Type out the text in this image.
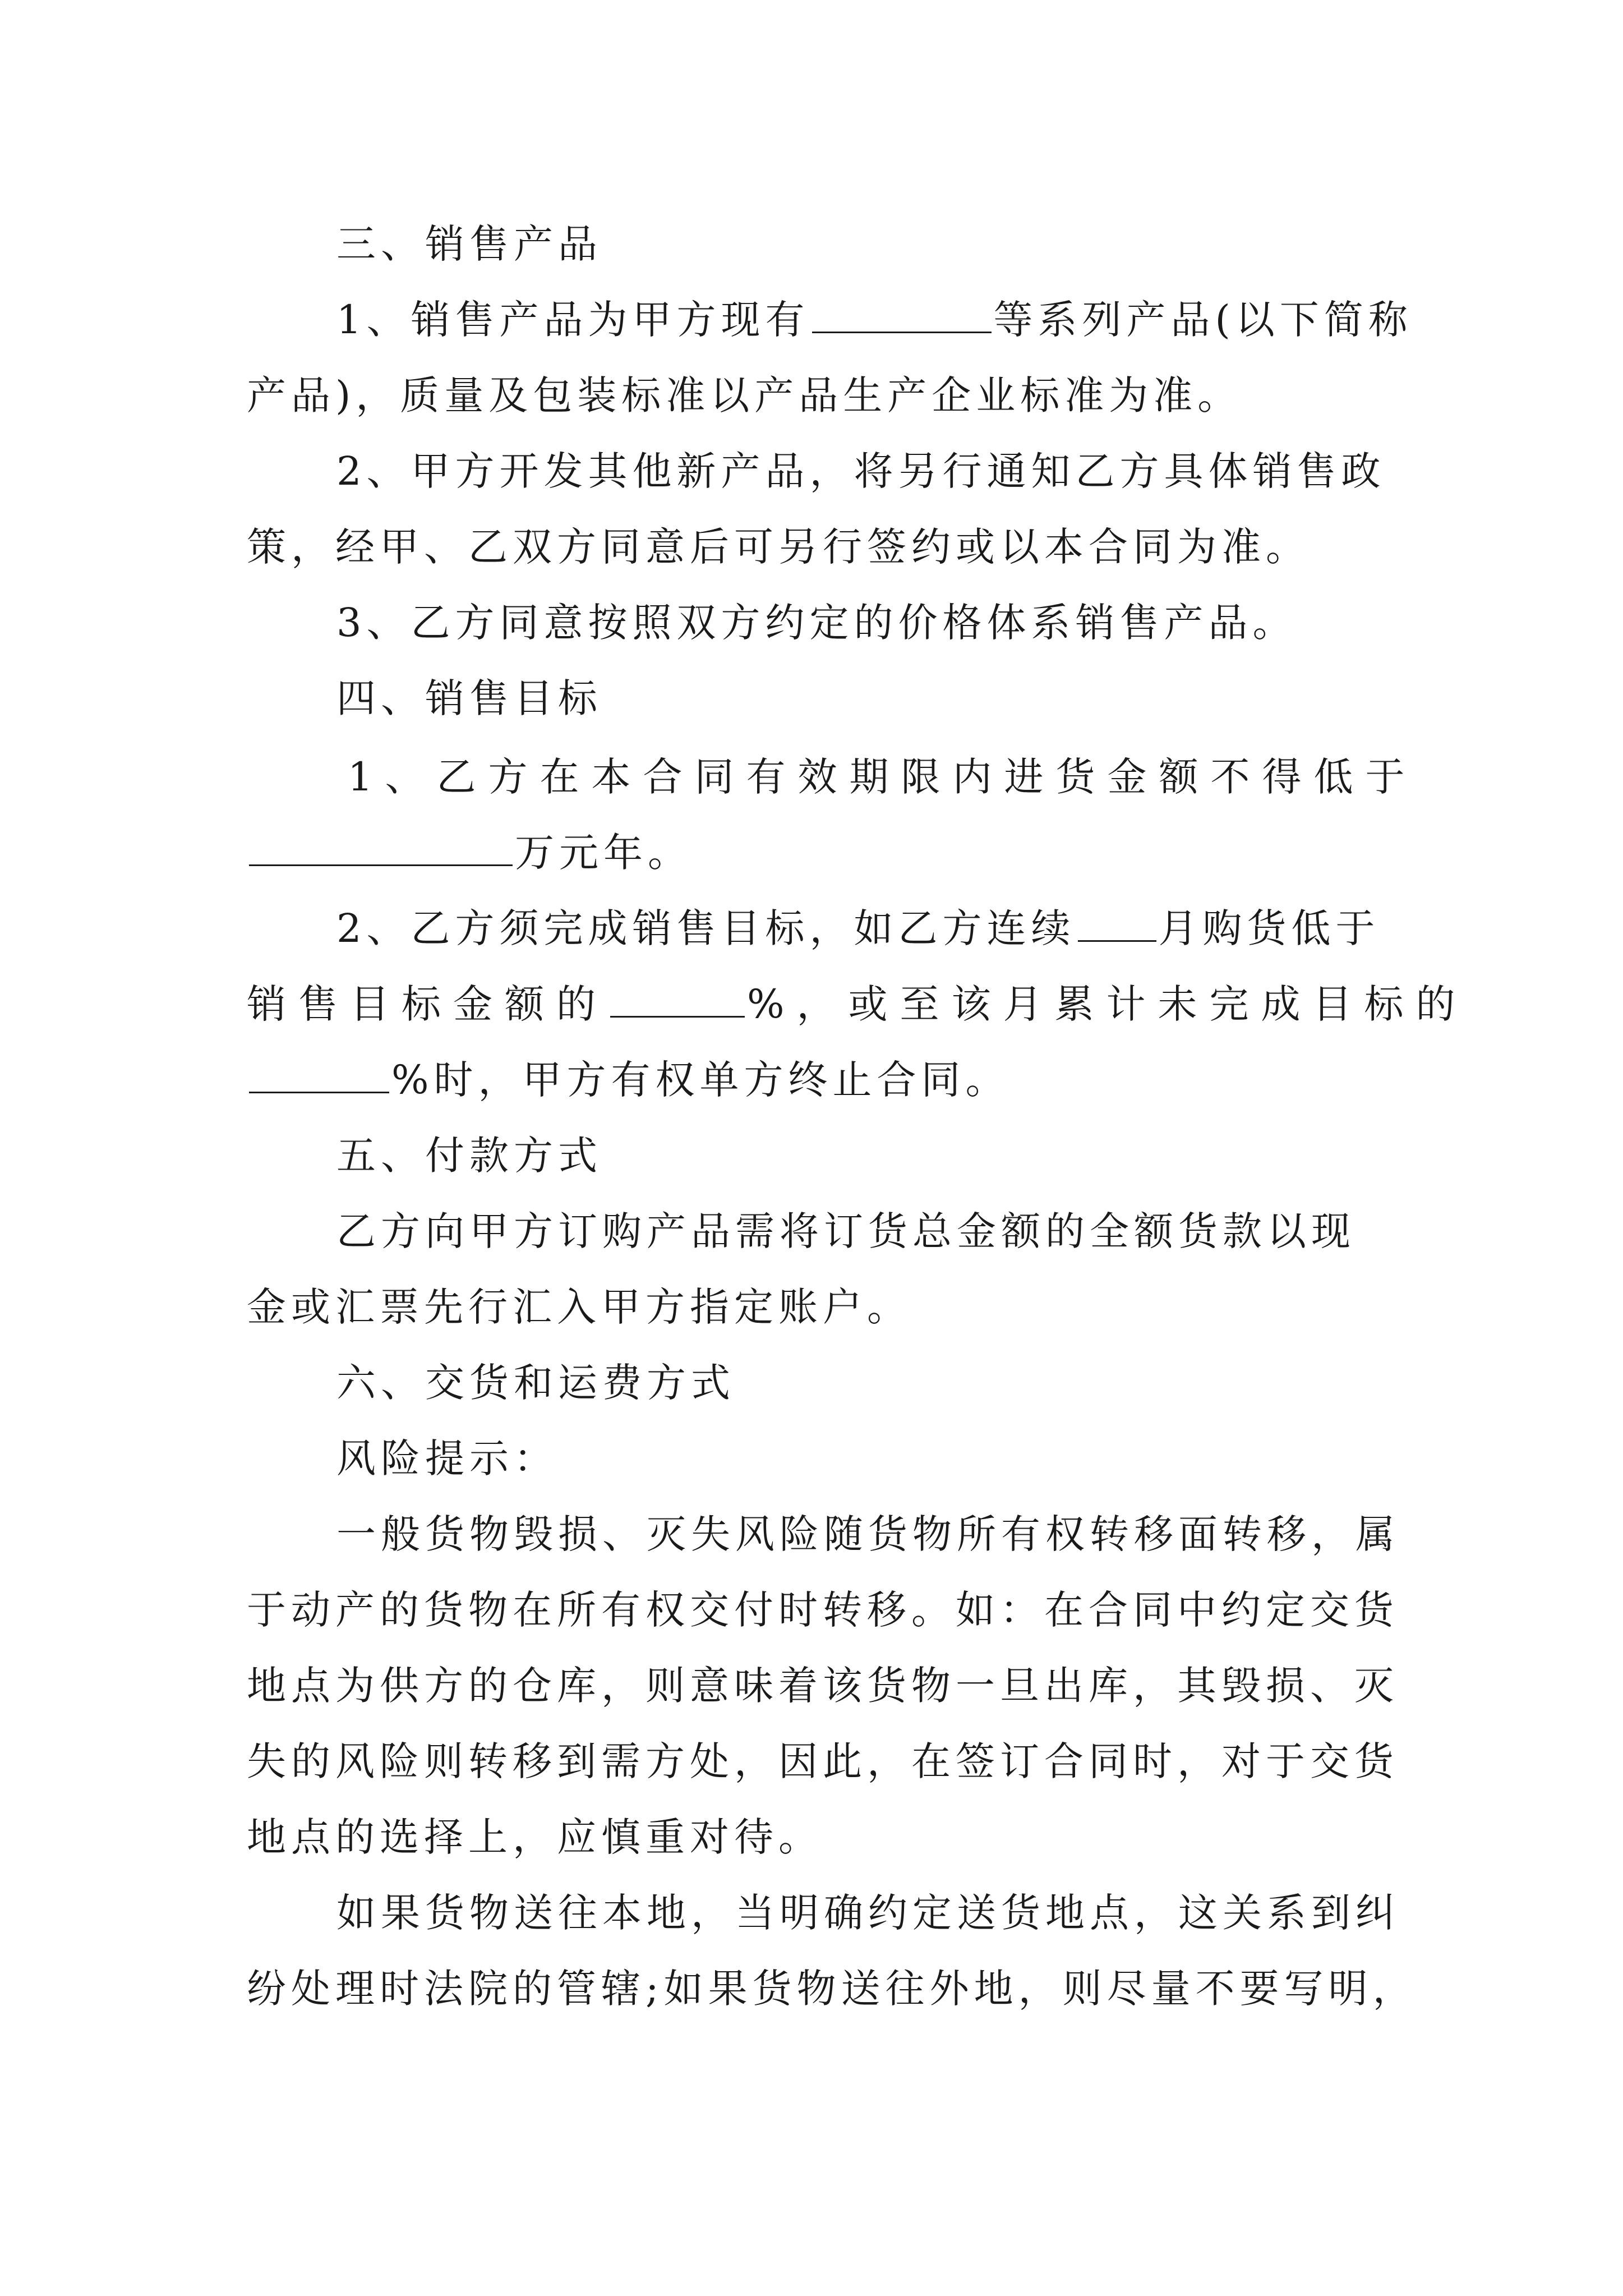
三、销售产品
1、销售产品为甲方现有	等系列产品(以下简称
产品)，质量及包装标准以产品生产企业标准为准。
2、甲方开发其他新产品，将另行通知乙方具体销售政
策，经甲、乙双方同意后可另行签约或以本合同为准。
3、乙方同意按照双方约定的价格体系销售产品。
四、销售目标
1、乙方在本合同有效期限内进货金额不得低于
万元年。
2、乙方须完成销售目标，如乙方连续 月购货低于
销售目标金额的	%，或至该月累计未完成目标的
%时，甲方有权单方终止合同。
五、付款方式
乙方向甲方订购产品需将订货总金额的全额货款以现
金或汇票先行汇入甲方指定账户。
六、交货和运费方式
风险提示：
一般货物毁损、灭失风险随货物所有权转移面转移，属
于动产的货物在所有权交付时转移。如：在合同中约定交货
地点为供方的仓库，则意味着该货物一旦出库，其毁损、灭
失的风险则转移到需方处，因此，在签订合同时，对于交货
地点的选择上，应慎重对待。
如果货物送往本地，当明确约定送货地点，这关系到纠
纷处理时法院的管辖;如果货物送往外地，则尽量不要写明，
